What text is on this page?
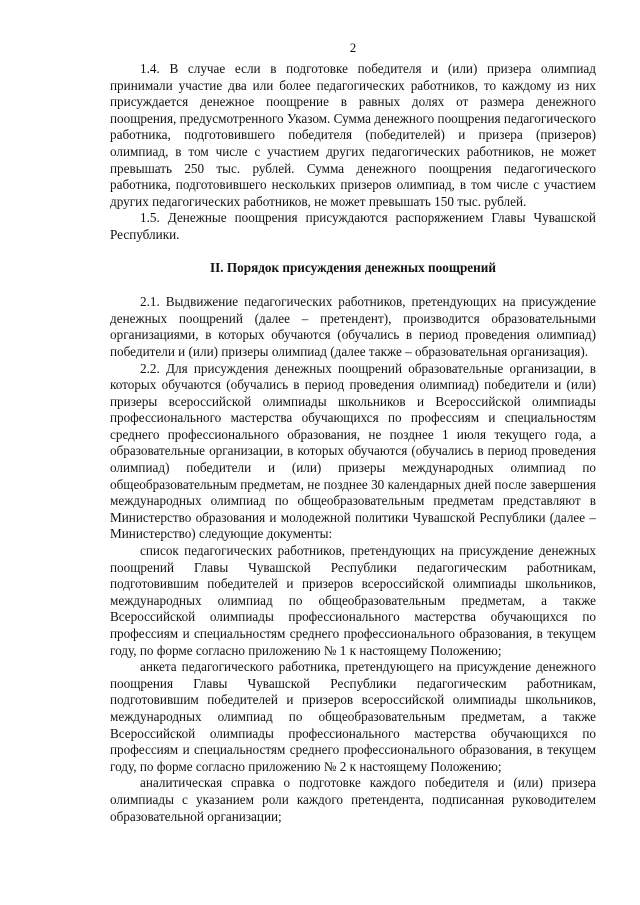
2

1.4. В случае если в подготовке победителя и (или) призера олимпиад принимали участие два или более педагогических работников, то каждому из них присуждается денежное поощрение в равных долях от размера денежного поощрения, предусмотренного Указом. Сумма денежного поощрения педагогического работника, подготовившего победителя (победителей) и призера (призеров) олимпиад, в том числе с участием других педагогических работников, не может превышать 250 тыс. рублей. Сумма денежного поощрения педагогического работника, подготовившего нескольких призеров олимпиад, в том числе с участием других педагогических работников, не может превышать 150 тыс. рублей.

1.5. Денежные поощрения присуждаются распоряжением Главы Чувашской Республики.

II. Порядок присуждения денежных поощрений

2.1. Выдвижение педагогических работников, претендующих на присуждение денежных поощрений (далее – претендент), производится образовательными организациями, в которых обучаются (обучались в период проведения олимпиад) победители и (или) призеры олимпиад (далее также – образовательная организация).

2.2. Для присуждения денежных поощрений образовательные организации, в которых обучаются (обучались в период проведения олимпиад) победители и (или) призеры всероссийской олимпиады школьников и Всероссийской олимпиады профессионального мастерства обучающихся по профессиям и специальностям среднего профессионального образования, не позднее 1 июля текущего года, а образовательные организации, в которых обучаются (обучались в период проведения олимпиад) победители и (или) призеры международных олимпиад по общеобразовательным предметам, не позднее 30 календарных дней после завершения международных олимпиад по общеобразовательным предметам представляют в Министерство образования и молодежной политики Чувашской Республики (далее – Министерство) следующие документы:

список педагогических работников, претендующих на присуждение денежных поощрений Главы Чувашской Республики педагогическим работникам, подготовившим победителей и призеров всероссийской олимпиады школьников, международных олимпиад по общеобразовательным предметам, а также Всероссийской олимпиады профессионального мастерства обучающихся по профессиям и специальностям среднего профессионального образования, в текущем году, по форме согласно приложению № 1 к настоящему Положению;

анкета педагогического работника, претендующего на присуждение денежного поощрения Главы Чувашской Республики педагогическим работникам, подготовившим победителей и призеров всероссийской олимпиады школьников, международных олимпиад по общеобразовательным предметам, а также Всероссийской олимпиады профессионального мастерства обучающихся по профессиям и специальностям среднего профессионального образования, в текущем году, по форме согласно приложению № 2 к настоящему Положению;

аналитическая справка о подготовке каждого победителя и (или) призера олимпиады с указанием роли каждого претендента, подписанная руководителем образовательной организации;
